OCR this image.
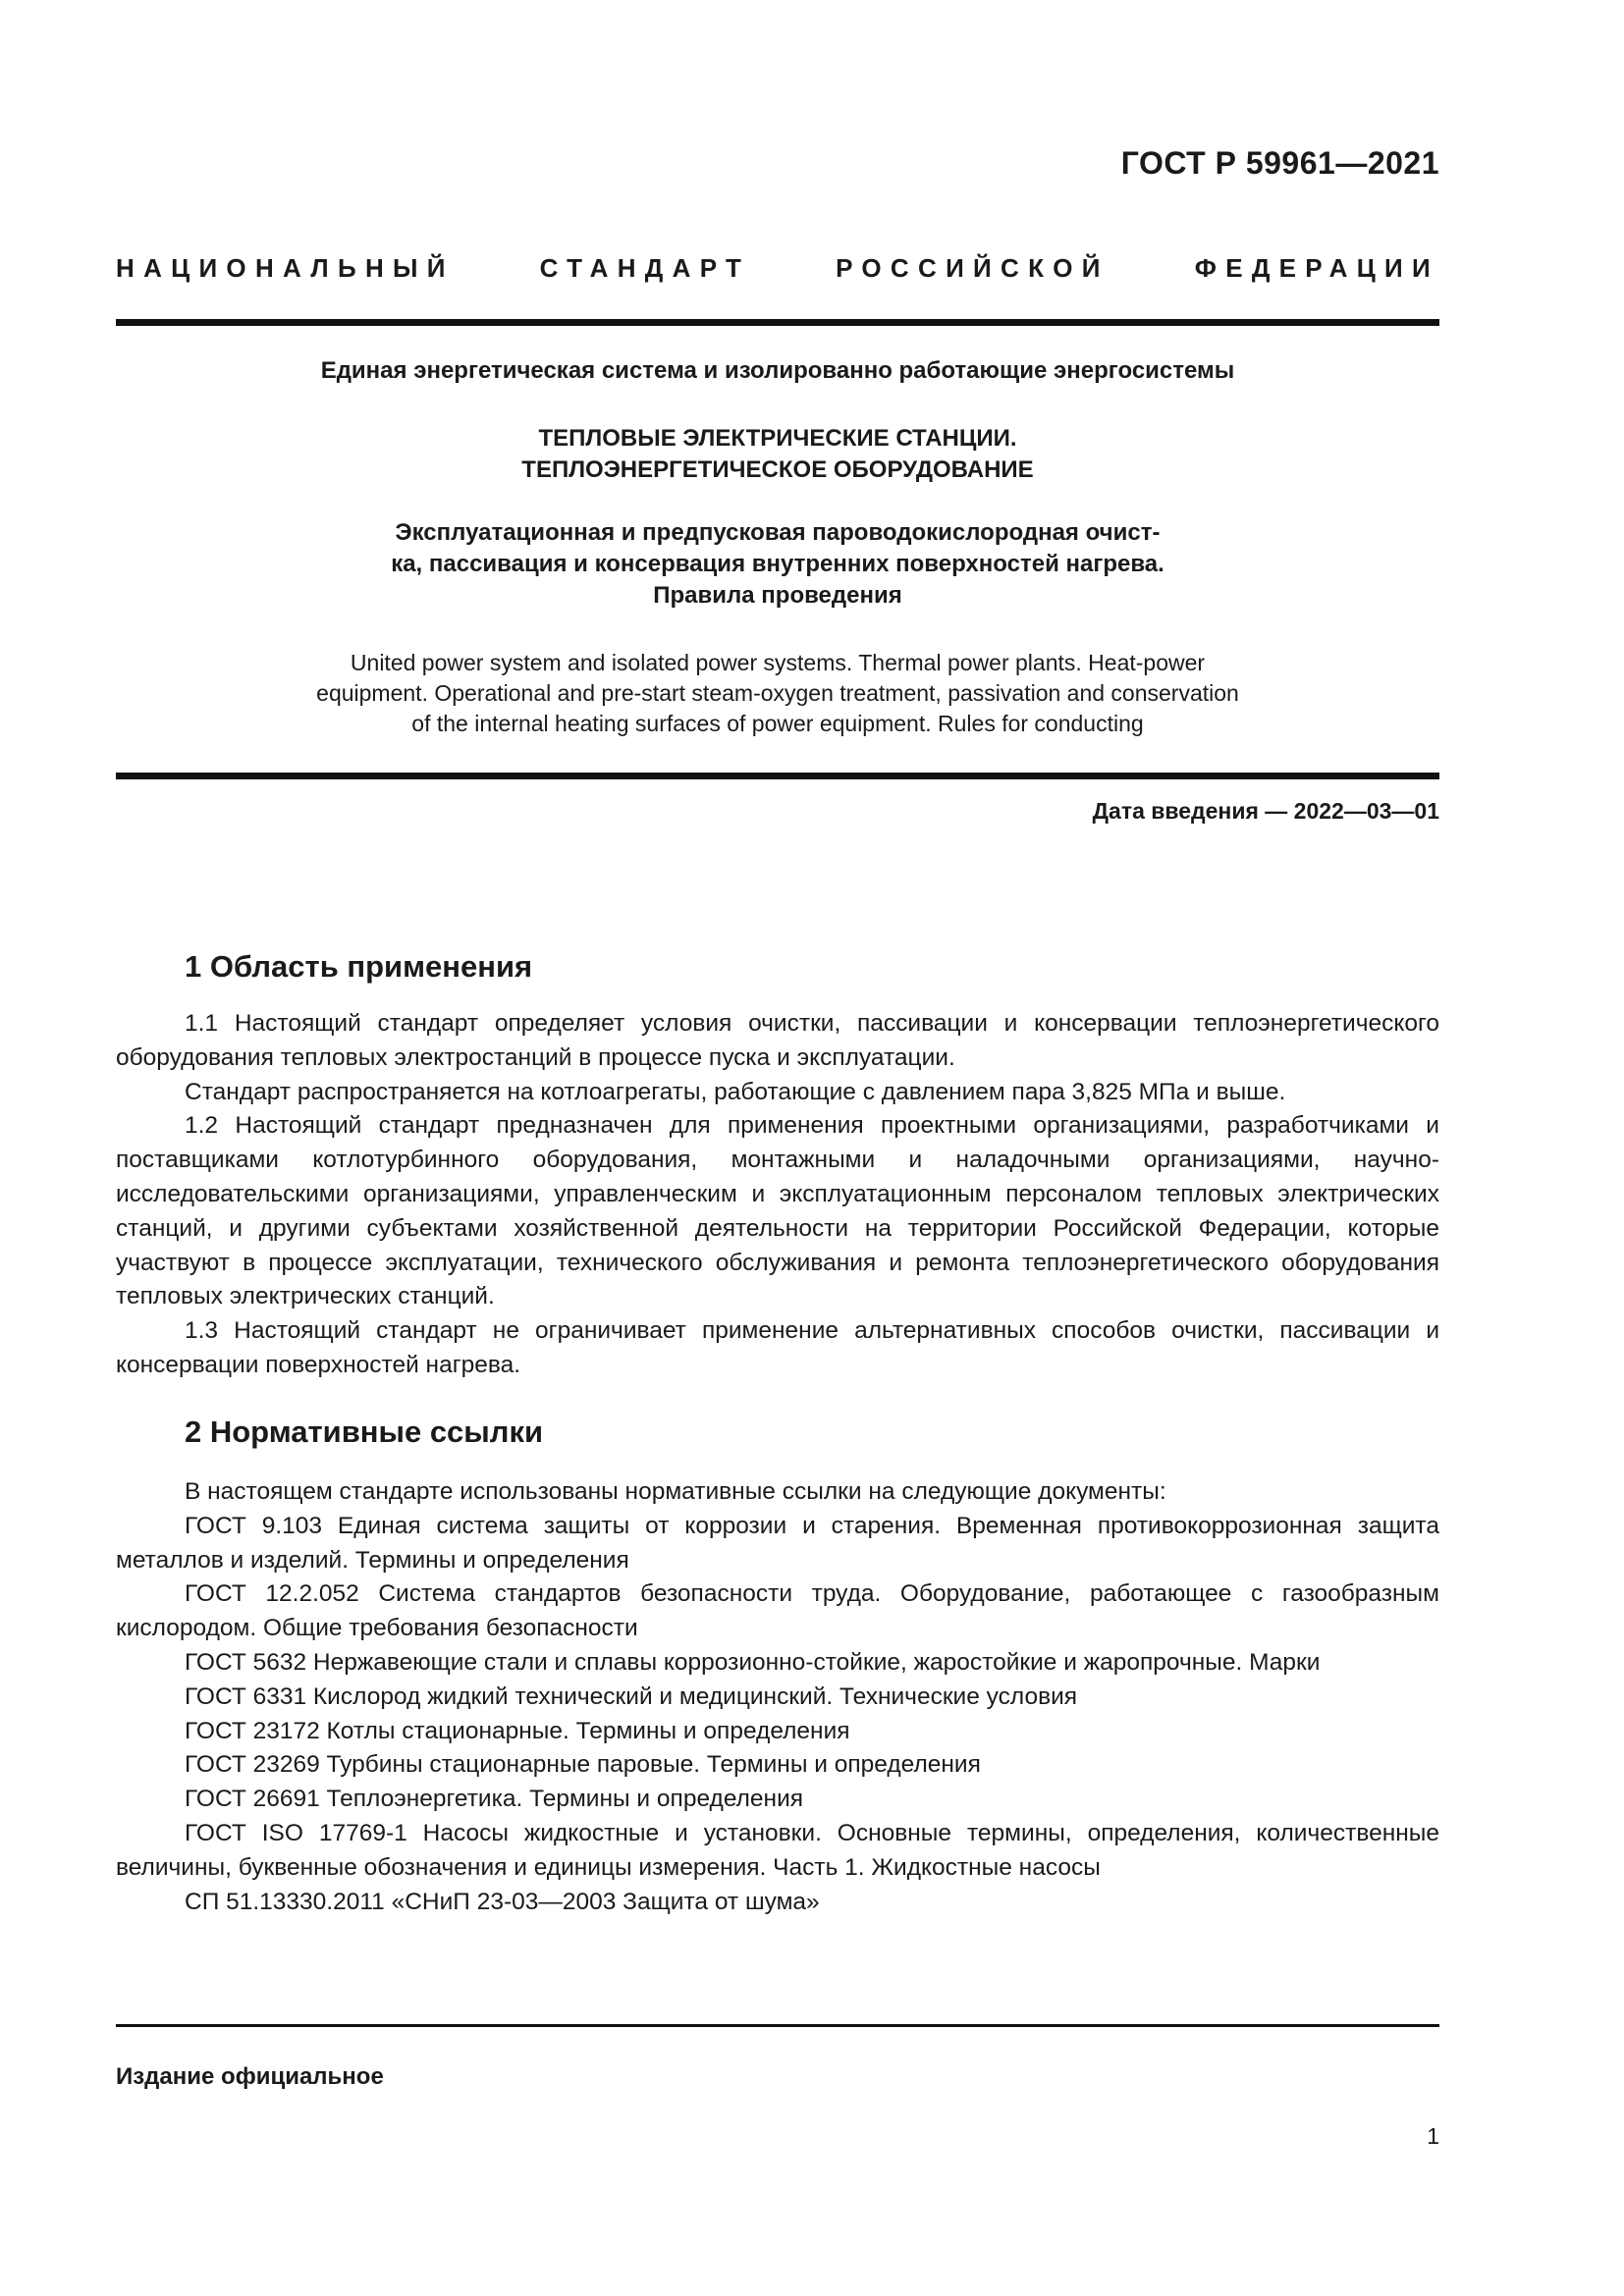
ГОСТ Р 59961—2021
НАЦИОНАЛЬНЫЙ СТАНДАРТ РОССИЙСКОЙ ФЕДЕРАЦИИ
Единая энергетическая система и изолированно работающие энергосистемы
ТЕПЛОВЫЕ ЭЛЕКТРИЧЕСКИЕ СТАНЦИИ.
ТЕПЛОЭНЕРГЕТИЧЕСКОЕ ОБОРУДОВАНИЕ
Эксплуатационная и предпусковая пароводокислородная очист-
ка, пассивация и консервация внутренних поверхностей нагрева.
Правила проведения
United power system and isolated power systems. Thermal power plants. Heat-power
equipment. Operational and pre-start steam-oxygen treatment, passivation and conservation
of the internal heating surfaces of power equipment. Rules for conducting
Дата введения — 2022—03—01
1 Область применения

1.1 Настоящий стандарт определяет условия очистки, пассивации и консервации теплоэнергетического оборудования тепловых электростанций в процессе пуска и эксплуатации.

Стандарт распространяется на котлоагрегаты, работающие с давлением пара 3,825 МПа и выше.

1.2 Настоящий стандарт предназначен для применения проектными организациями, разработчиками и поставщиками котлотурбинного оборудования, монтажными и наладочными организациями, научно-исследовательскими организациями, управленческим и эксплуатационным персоналом тепловых электрических станций, и другими субъектами хозяйственной деятельности на территории Российской Федерации, которые участвуют в процессе эксплуатации, технического обслуживания и ремонта теплоэнергетического оборудования тепловых электрических станций.

1.3 Настоящий стандарт не ограничивает применение альтернативных способов очистки, пассивации и консервации поверхностей нагрева.

2 Нормативные ссылки

В настоящем стандарте использованы нормативные ссылки на следующие документы:

ГОСТ 9.103 Единая система защиты от коррозии и старения. Временная противокоррозионная защита металлов и изделий. Термины и определения

ГОСТ 12.2.052 Система стандартов безопасности труда. Оборудование, работающее с газообразным кислородом. Общие требования безопасности

ГОСТ 5632 Нержавеющие стали и сплавы коррозионно-стойкие, жаростойкие и жаропрочные. Марки

ГОСТ 6331 Кислород жидкий технический и медицинский. Технические условия

ГОСТ 23172 Котлы стационарные. Термины и определения

ГОСТ 23269 Турбины стационарные паровые. Термины и определения

ГОСТ 26691 Теплоэнергетика. Термины и определения

ГОСТ ISO 17769-1 Насосы жидкостные и установки. Основные термины, определения, количественные величины, буквенные обозначения и единицы измерения. Часть 1. Жидкостные насосы

СП 51.13330.2011 «СНиП 23-03—2003 Защита от шума»

Издание официальное
1
